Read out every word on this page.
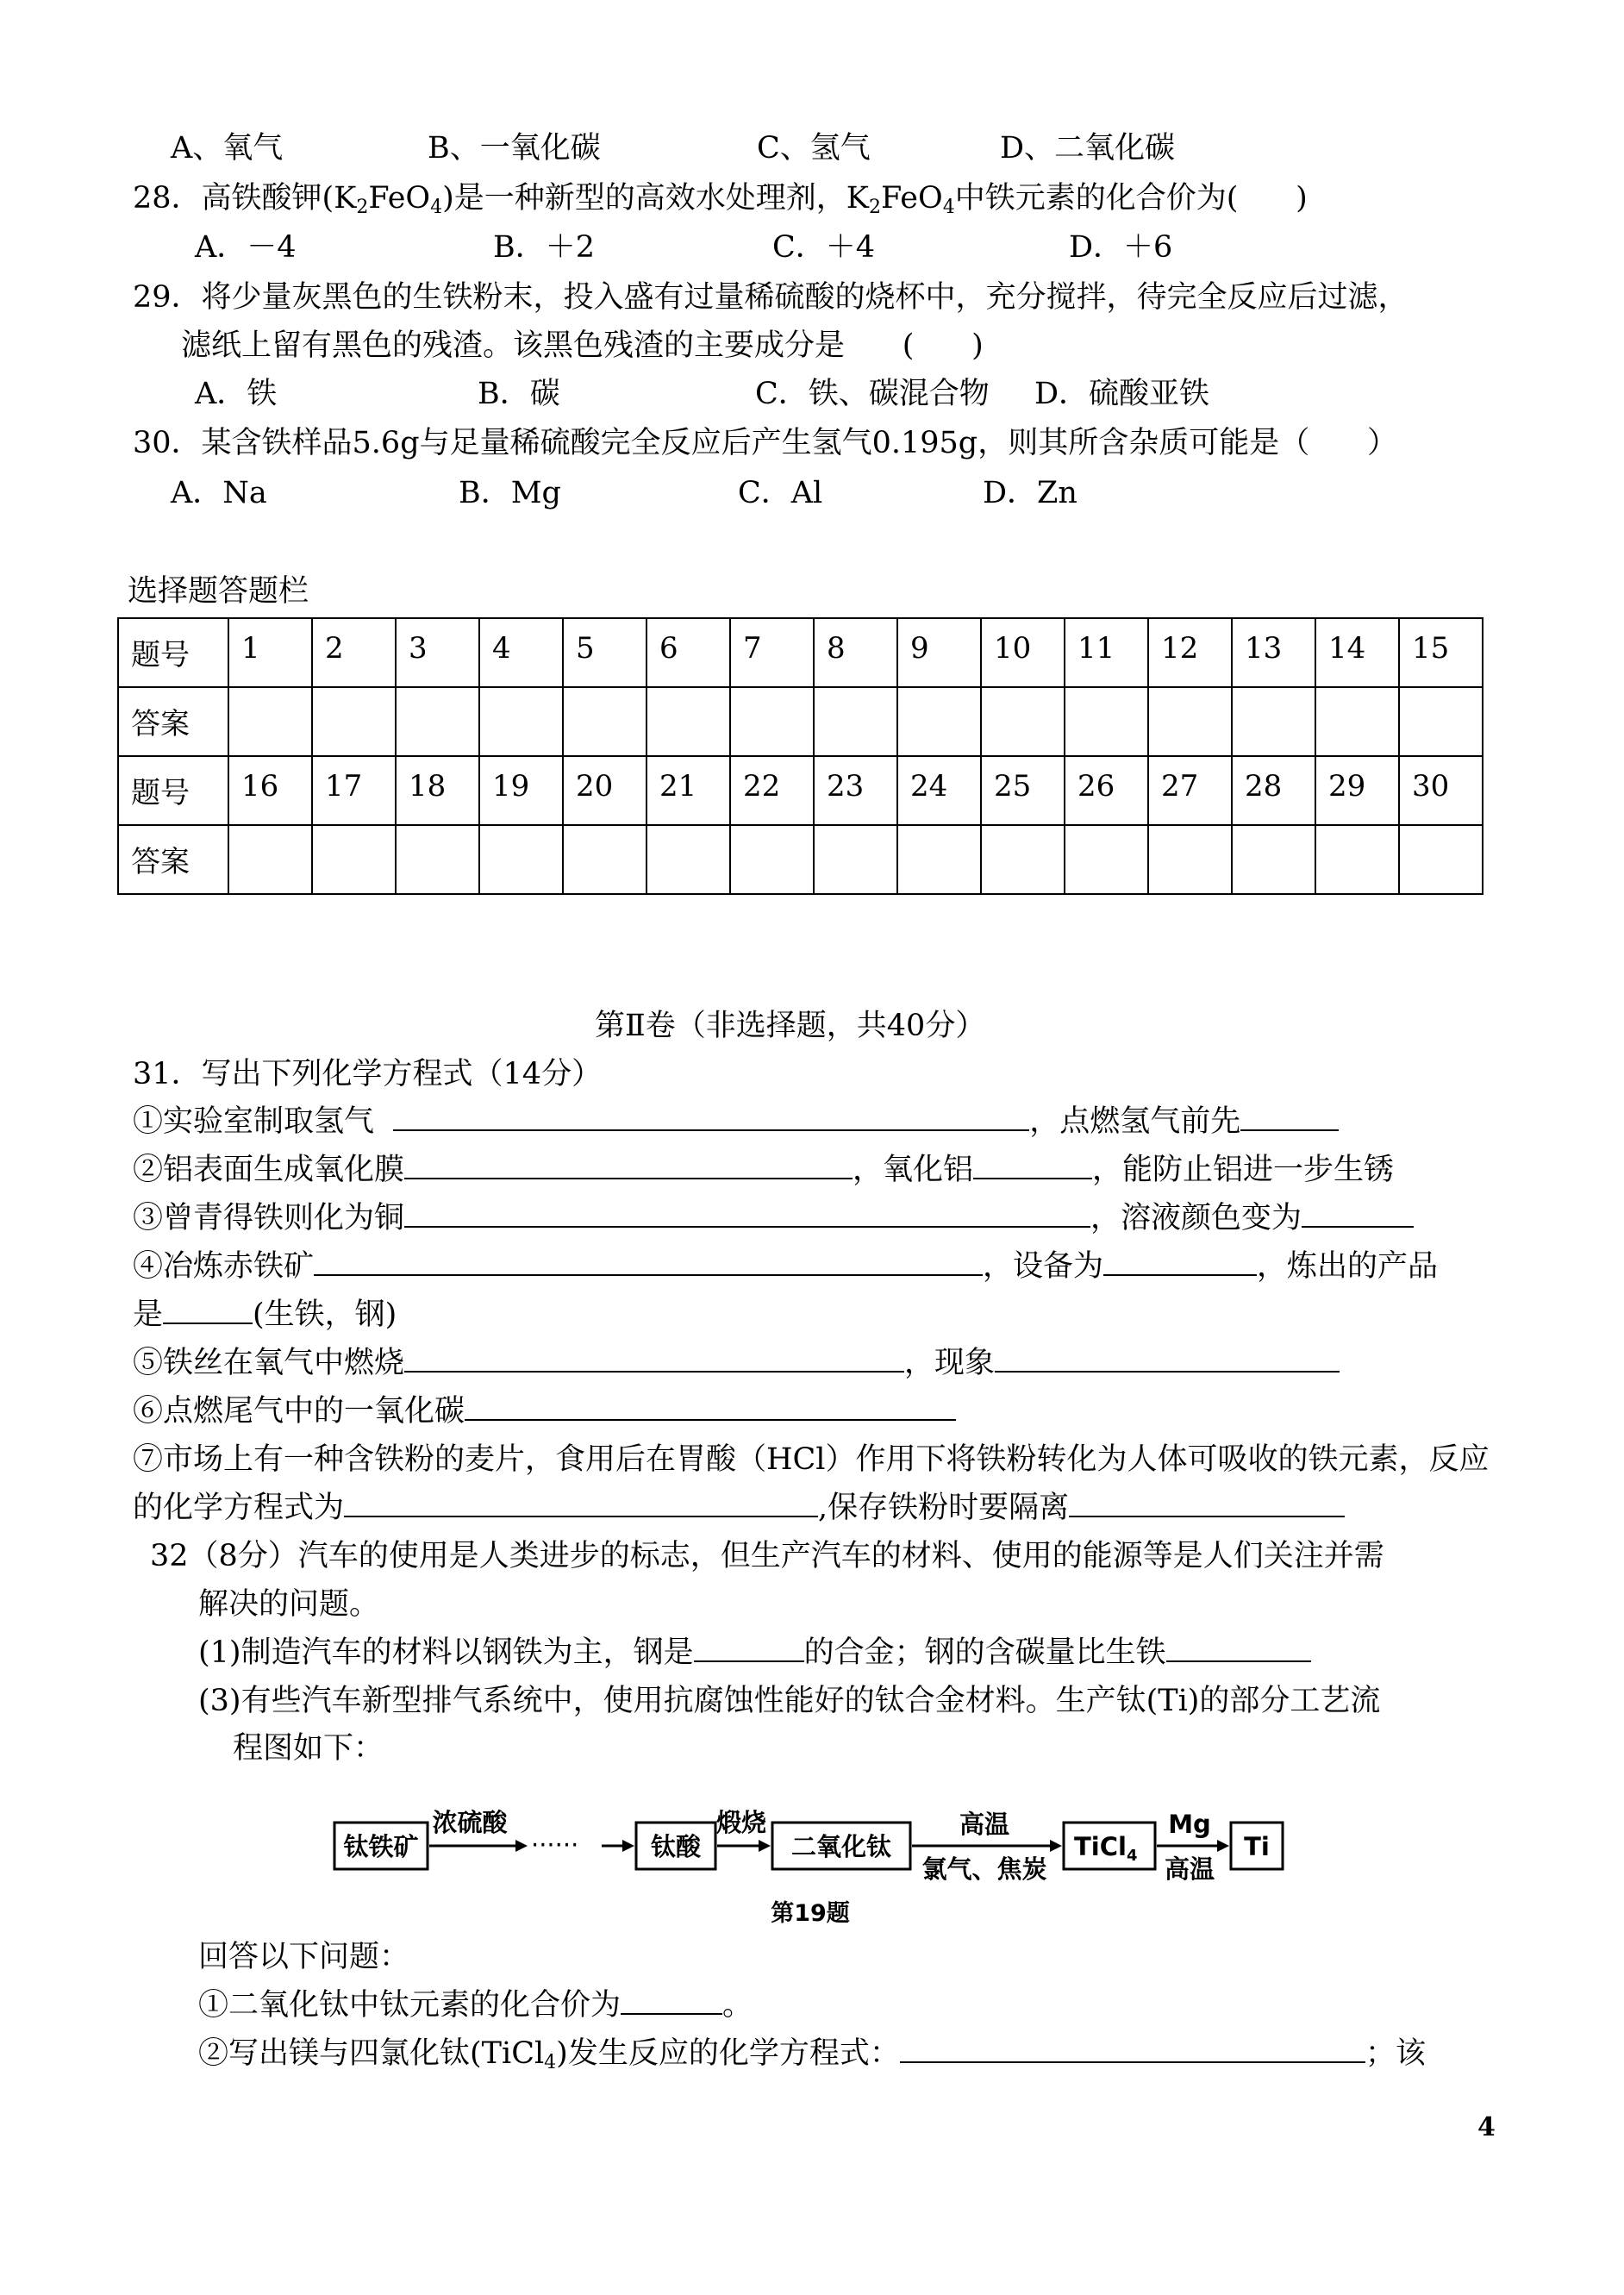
A、氧气	B、一氧化碳	C、氢气	D、二氧化碳
28．高铁酸钾$(K_2FeO_4)$是一种新型的高效水处理剂，$K_2FeO_4$中铁元素的化合价为(      )
A．－4	B．＋2	C．＋4	D．＋6
29．将少量灰黑色的生铁粉末，投入盛有过量稀硫酸的烧杯中，充分搅拌，待完全反应后过滤，
滤纸上留有黑色的残渣。该黑色残渣的主要成分是      (      )
A．铁	B．碳	C．铁、碳混合物 D．硫酸亚铁
30．某含铁样品5.6g与足量稀硫酸完全反应后产生氢气0.195g，则其所含杂质可能是（      ）
A．Na	B．Mg	C．Al	D．Zn
选择题答题栏
题号	1	2	3	4	5	6	7	8	9	10	11	12	13	14	15
答案															
题号	16	17	18	19	20	21	22	23	24	25	26	27	28	29	30
答案															
第Ⅱ卷（非选择题，共40分）
31．写出下列化学方程式（14分）
①实验室制取氢气	，点燃氢气前先
②铝表面生成氧化膜	，氧化铝	，能防止铝进一步生锈
③曾青得铁则化为铜	，溶液颜色变为
④冶炼赤铁矿	，设备为	，炼出的产品
是	(生铁，钢)
⑤铁丝在氧气中燃烧	，现象
⑥点燃尾气中的一氧化碳
⑦市场上有一种含铁粉的麦片，食用后在胃酸（HCl）作用下将铁粉转化为人体可吸收的铁元素，反应
的化学方程式为	,保存铁粉时要隔离
32（8分）汽车的使用是人类进步的标志，但生产汽车的材料、使用的能源等是人们关注并需
解决的问题。
(1)制造汽车的材料以钢铁为主，钢是	的合金；钢的含碳量比生铁
(3)有些汽车新型排气系统中，使用抗腐蚀性能好的钛合金材料。生产钛(Ti)的部分工艺流
程图如下：
钛铁矿
浓硫酸
······	钛酸
煅烧
二氧化钛
高温
氯气、焦炭
TiCl$_4$
Mg
高温
Ti
第19题
回答以下问题：
①二氧化钛中钛元素的化合价为	。
②写出镁与四氯化钛(TiCl$_4$)发生反应的化学方程式：	；该
4
